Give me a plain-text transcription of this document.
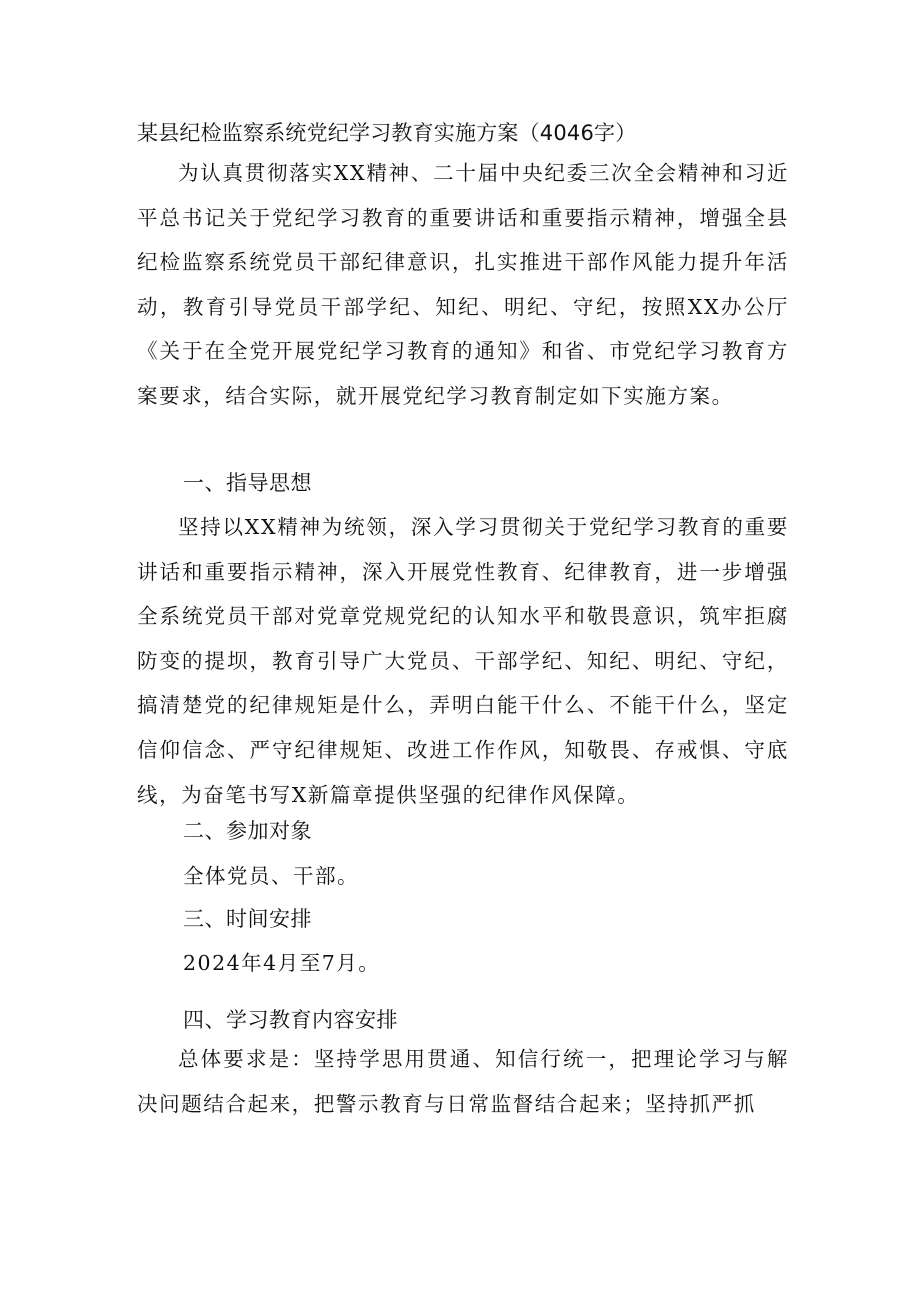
某县纪检监察系统党纪学习教育实施方案（4046字）
为认真贯彻落实XX精神、二十届中央纪委三次全会精神和习近平总书记关于党纪学习教育的重要讲话和重要指示精神，增强全县纪检监察系统党员干部纪律意识，扎实推进干部作风能力提升年活动，教育引导党员干部学纪、知纪、明纪、守纪，按照XX办公厅《关于在全党开展党纪学习教育的通知》和省、市党纪学习教育方案要求，结合实际，就开展党纪学习教育制定如下实施方案。
一、指导思想
坚持以XX精神为统领，深入学习贯彻关于党纪学习教育的重要讲话和重要指示精神，深入开展党性教育、纪律教育，进一步增强全系统党员干部对党章党规党纪的认知水平和敬畏意识，筑牢拒腐防变的提坝，教育引导广大党员、干部学纪、知纪、明纪、守纪，搞清楚党的纪律规矩是什么，弄明白能干什么、不能干什么，坚定信仰信念、严守纪律规矩、改进工作作风，知敬畏、存戒惧、守底线，为奋笔书写X新篇章提供坚强的纪律作风保障。
二、参加对象
全体党员、干部。
三、时间安排
2024年4月至7月。
四、学习教育内容安排
总体要求是：坚持学思用贯通、知信行统一，把理论学习与解决问题结合起来，把警示教育与日常监督结合起来；坚持抓严抓
